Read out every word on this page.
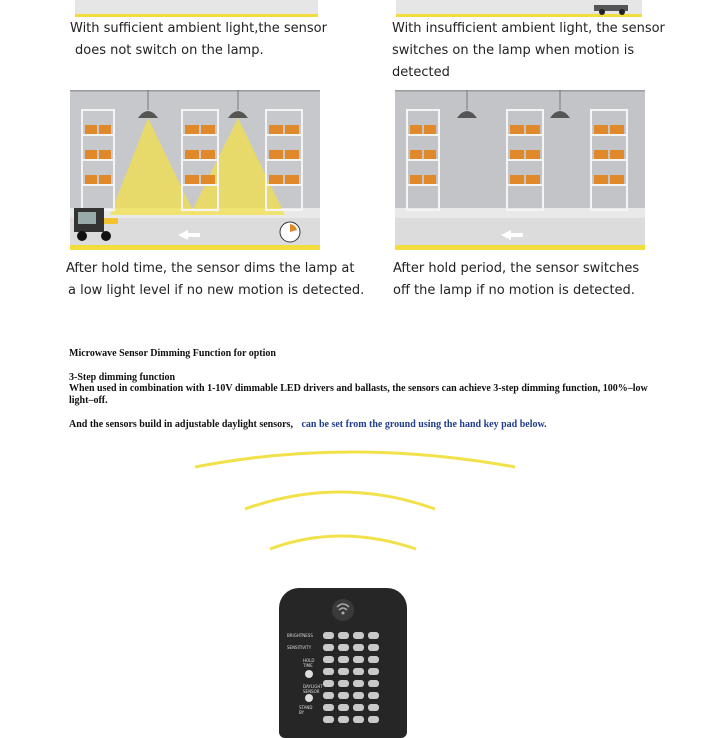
With sufficient ambient light,the sensor
does not switch on the lamp.
With insufficient ambient light, the sensor
switches on the lamp when motion is detected
After hold time, the sensor dims the lamp at
a low light level if no new motion is detected.
After hold period, the sensor switches
off the lamp if no motion is detected.
Microwave Sensor Dimming Function for option
3-Step dimming function
When used in combination with 1-10V dimmable LED drivers and ballasts, the sensors can achieve 3-step dimming function, 100%–low
light–off.
And the sensors build in adjustable daylight sensors, can be set from the ground using the hand key pad below.
BRIGHTNESS
SENSITIVITY
HOLD TIME
DAYLIGHT SENSOR
STAND BY
